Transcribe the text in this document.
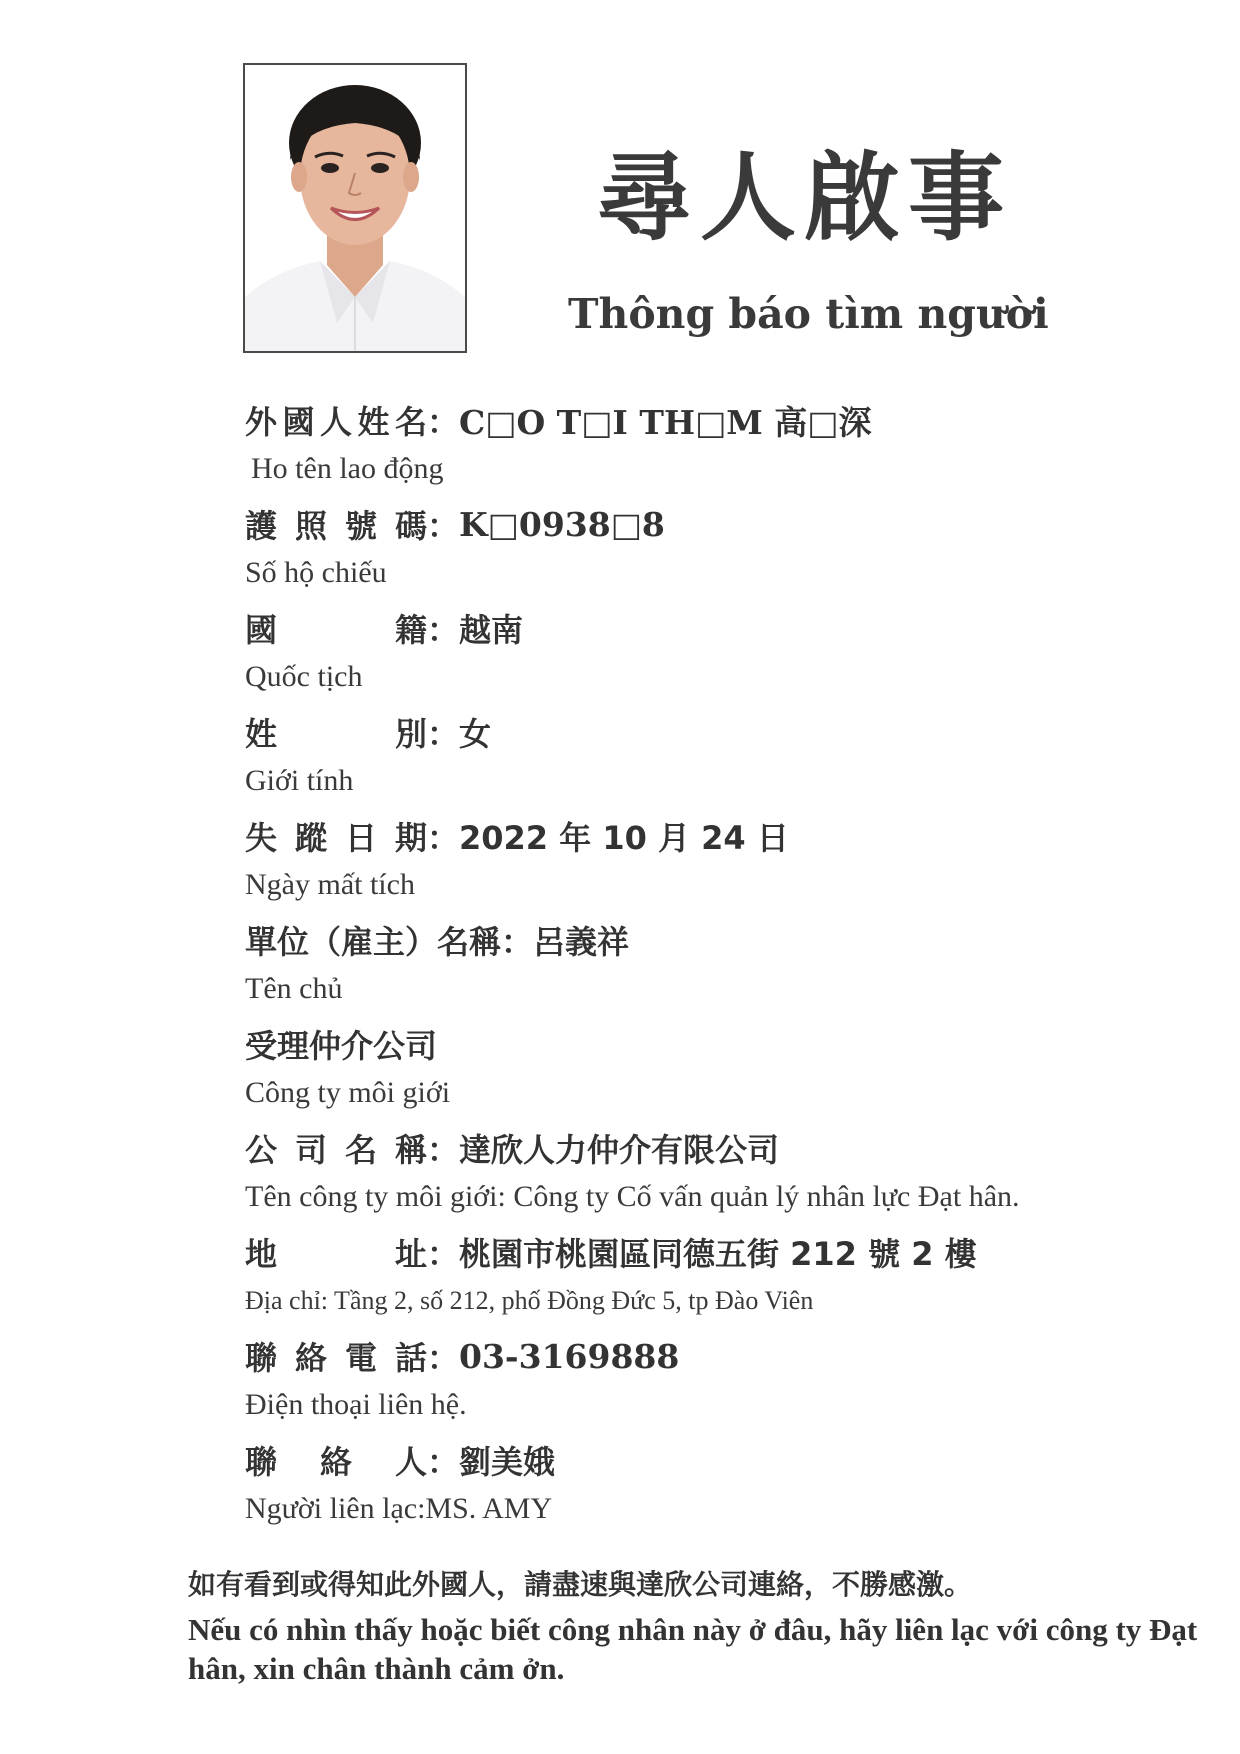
尋人啟事
Thông báo tìm người
外國人姓名 ： C□O T□I TH□M 高□深
Ho tên lao động
護照號碼 ： K□0938□8
Số hộ chiếu
國　　籍 ： 越南
Quốc tịch
姓　　別 ： 女
Giới tính
失蹤日期 ： 2022 年 10 月 24 日
Ngày mất tích
單位（雇主）名稱 ： 呂義祥
Tên chủ
受理仲介公司
Công ty môi giới
公司名稱 ： 達欣人力仲介有限公司
Tên công ty môi giới: Công ty Cố vấn quản lý nhân lực Đạt hân.
地　　址 ： 桃園市桃園區同德五街 212 號 2 樓
Địa chỉ: Tầng 2, số 212, phố Đồng Đức 5, tp Đào Viên
聯絡電話 ： 03-3169888
Điện thoại liên hệ.
聯 絡 人 ： 劉美娥
Người liên lạc:MS. AMY
如有看到或得知此外國人，請盡速與達欣公司連絡，不勝感激。
Nếu có nhìn thấy hoặc biết công nhân này ở đâu, hãy liên lạc với công ty Đạt hân, xin chân thành cảm ởn.
